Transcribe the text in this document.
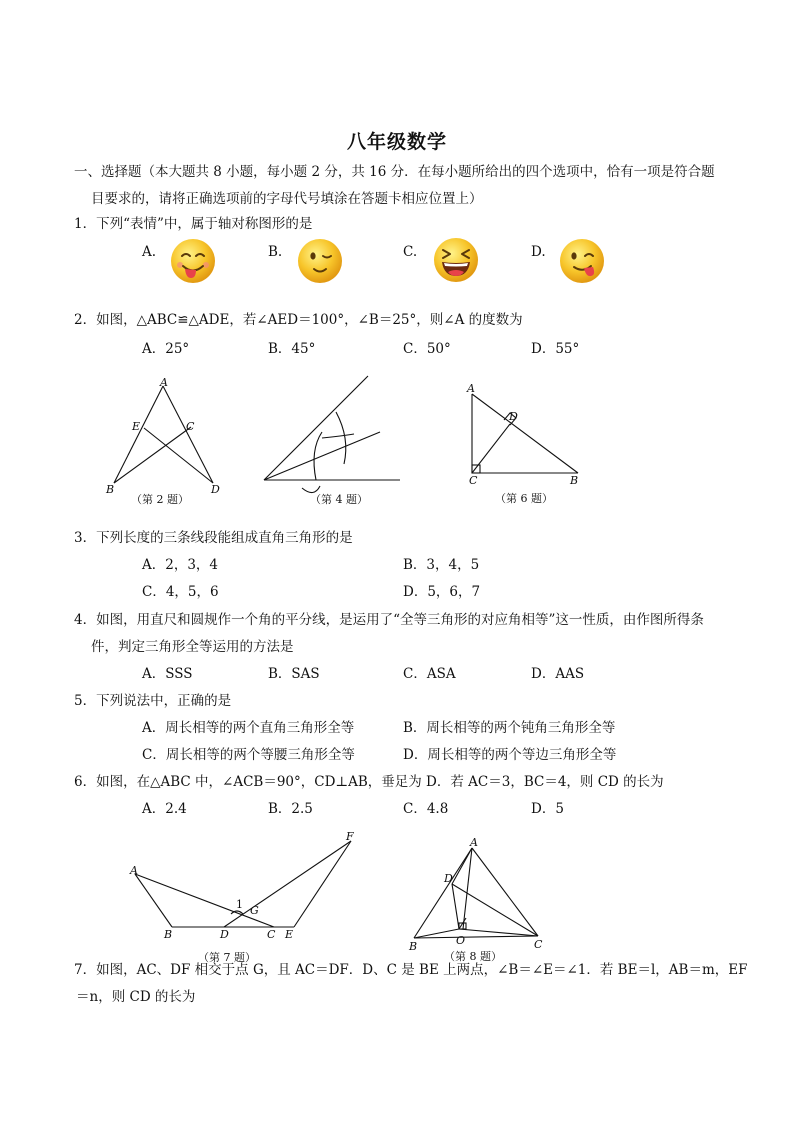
八年级数学
一、选择题（本大题共 8 小题，每小题 2 分，共 16 分．在每小题所给出的四个选项中，恰有一项是符合题
目要求的，请将正确选项前的字母代号填涂在答题卡相应位置上）
1．下列“表情”中，属于轴对称图形的是
A.	B.	C.	D.
2．如图，△ABC≌△ADE，若∠AED＝100°，∠B＝25°，则∠A 的度数为
A．25°	B．45°	C．50°	D．55°
A
E	C
B	D
（第 2 题）	（第 4 题）
A
D
C	B
（第 6 题）
3．下列长度的三条线段能组成直角三角形的是
A．2，3，4	B．3，4，5
C．4，5，6	D．5，6，7
4．如图，用直尺和圆规作一个角的平分线，是运用了“全等三角形的对应角相等”这一性质，由作图所得条
件，判定三角形全等运用的方法是
A．SSS	B．SAS	C．ASA	D．AAS
5．下列说法中，正确的是
A．周长相等的两个直角三角形全等	B．周长相等的两个钝角三角形全等
C．周长相等的两个等腰三角形全等	D．周长相等的两个等边三角形全等
6．如图，在△ABC 中，∠ACB＝90°，CD⊥AB，垂足为 D．若 AC＝3，BC＝4，则 CD 的长为
A．2.4	B．2.5	C．4.8	D．5
A
F
B	D	C E
G
1
（第 7 题）
A
D
B	O	C
（第 8 题）
7．如图，AC、DF 相交于点 G，且 AC＝DF．D、C 是 BE 上两点，∠B＝∠E＝∠1．若 BE＝l，AB＝m，EF
＝n，则 CD 的长为
